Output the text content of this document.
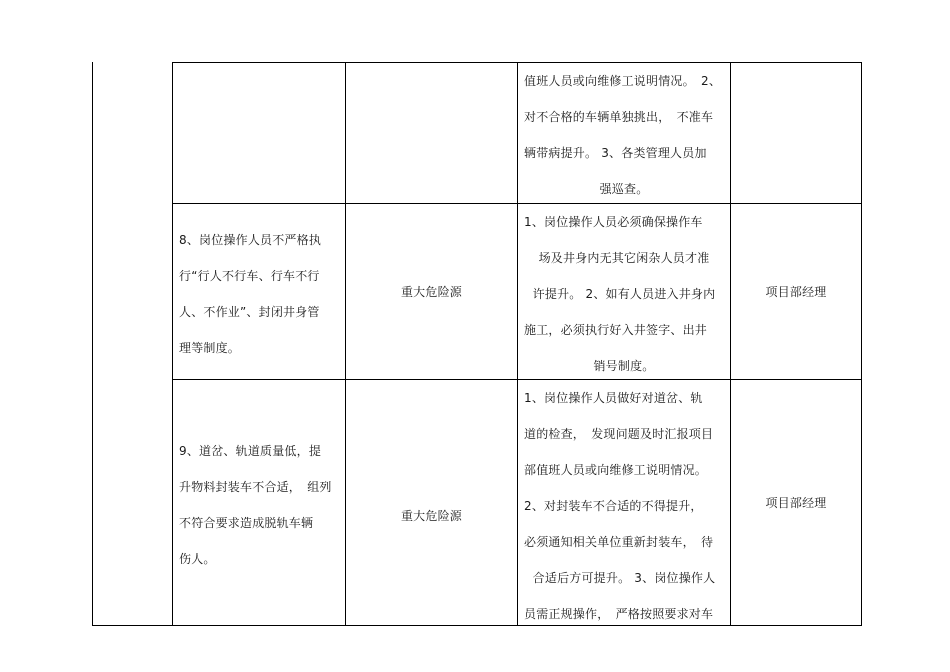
值班人员或向维修工说明情况。　2、
对不合格的车辆单独挑出，　不准车
辆带病提升。 3、各类管理人员加
强巡查。
8、岗位操作人员不严格执
行“行人不行车、行车不行
人、不作业”、封闭井身管
理等制度。
重大危险源
1、岗位操作人员必须确保操作车
场及井身内无其它闲杂人员才准
许提升。 2、如有人员进入井身内
施工，必须执行好入井签字、出井
销号制度。
项目部经理
9、道岔、轨道质量低，提
升物料封装车不合适，　组列
不符合要求造成脱轨车辆
伤人。
重大危险源
1、岗位操作人员做好对道岔、轨
道的检查，　发现问题及时汇报项目
部值班人员或向维修工说明情况。
2、对封装车不合适的不得提升，
必须通知相关单位重新封装车，　待
合适后方可提升。 3、岗位操作人
员需正规操作，　严格按照要求对车
项目部经理
